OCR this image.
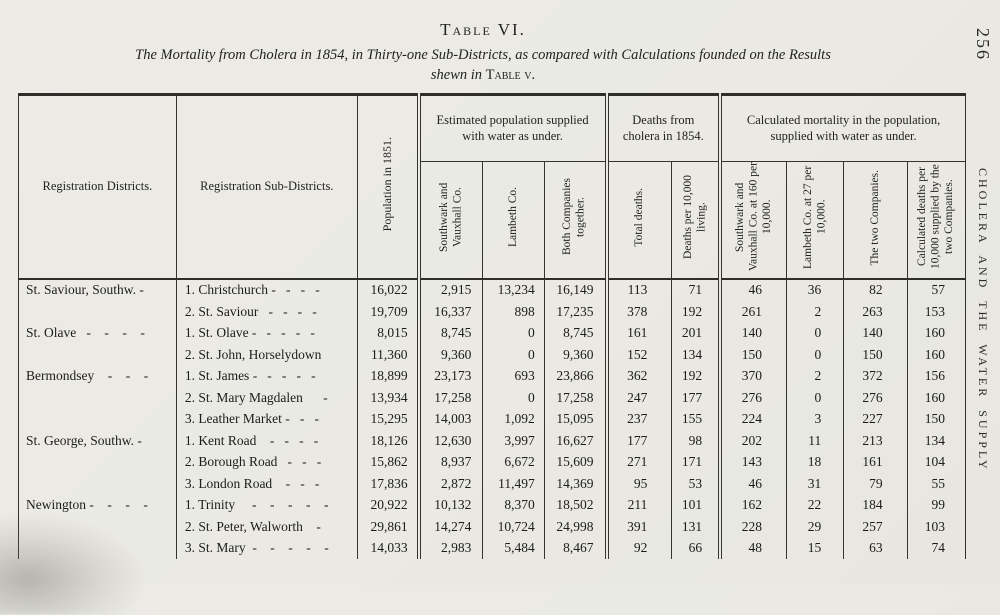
Table VI.
The Mortality from Cholera in 1854, in Thirty-one Sub-Districts, as compared with Calculations founded on the Results
shewn in Table v.
Registration Districts.	Registration Sub-Districts.	Population in 1851.	Estimated population supplied with water as under.			Deaths from cholera in 1854.		Calculated mortality in the population, supplied with water as under.			
			Southwark and Vauxhall Co.	Lambeth Co.	Both Companies together.	Total deaths.	Deaths per 10,000 living.	Southwark and Vauxhall Co. at 160 per 10,000.	Lambeth Co. at 27 per 10,000.	The two Companies.	Calculated deaths per 10,000 supplied by the two Companies.
St. Saviour, Southw. -	1. Christchurch -   -   -   -	16,022	2,915	13,234	16,149	113	71	46	36	82	57
	2. St. Saviour   -   -   -   -	19,709	16,337	898	17,235	378	192	261	2	263	153
St. Olave   -    -    -    -	1. St. Olave -   -   -   -   -	8,015	8,745	0	8,745	161	201	140	0	140	160
	2. St. John, Horselydown	11,360	9,360	0	9,360	152	134	150	0	150	160
Bermondsey    -    -    -	1. St. James -   -   -   -   -	18,899	23,173	693	23,866	362	192	370	2	372	156
	2. St. Mary Magdalen      -	13,934	17,258	0	17,258	247	177	276	0	276	160
	3. Leather Market -   -   -	15,295	14,003	1,092	15,095	237	155	224	3	227	150
St. George, Southw. -	1. Kent Road    -   -   -   -	18,126	12,630	3,997	16,627	177	98	202	11	213	134
	2. Borough Road   -   -   -	15,862	8,937	6,672	15,609	271	171	143	18	161	104
	3. London Road    -   -   -	17,836	2,872	11,497	14,369	95	53	46	31	79	55
Newington -    -    -    -	1. Trinity     -    -    -    -    -	20,922	10,132	8,370	18,502	211	101	162	22	184	99
	2. St. Peter, Walworth    -	29,861	14,274	10,724	24,998	391	131	228	29	257	103
	3. St. Mary  -    -    -    -    -	14,033	2,983	5,484	8,467	92	66	48	15	63	74
256
CHOLERA AND THE WATER SUPPLY
